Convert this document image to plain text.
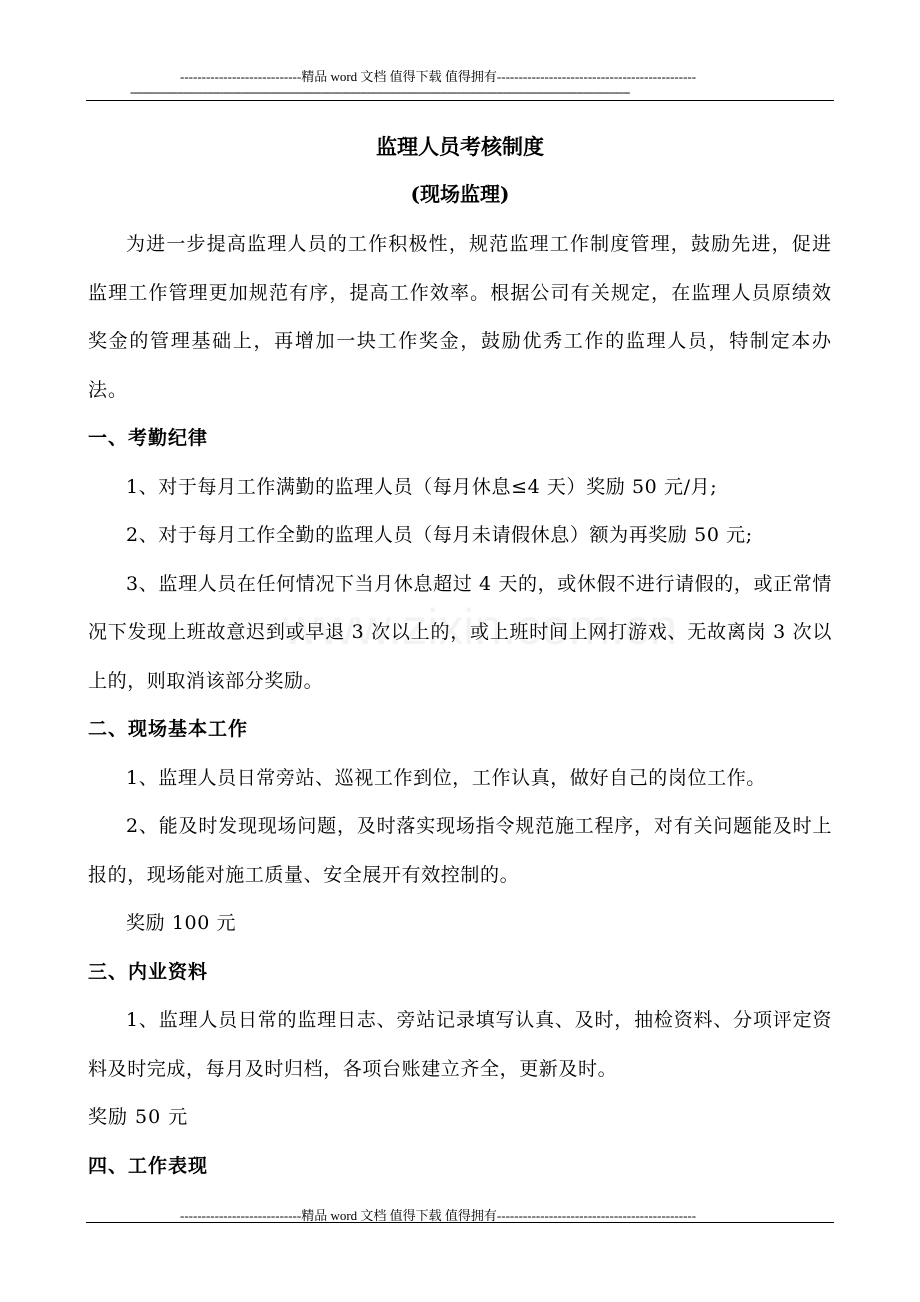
----------------------------精品 word 文档 值得下载 值得拥有----------------------------------------------
------------------------------------------------------------------------------------------------------------------------------------------------------
监理人员考核制度
(现场监理)

为进一步提高监理人员的工作积极性，规范监理工作制度管理，鼓励先进，促进监理工作管理更加规范有序，提高工作效率。根据公司有关规定，在监理人员原绩效奖金的管理基础上，再增加一块工作奖金，鼓励优秀工作的监理人员，特制定本办法。

一、考勤纪律

1、对于每月工作满勤的监理人员（每月休息≤4 天）奖励 50 元/月;

2、对于每月工作全勤的监理人员（每月未请假休息）额为再奖励 50 元;

3、监理人员在任何情况下当月休息超过 4 天的，或休假不进行请假的，或正常情况下发现上班故意迟到或早退 3 次以上的，或上班时间上网打游戏、无故离岗 3 次以上的，则取消该部分奖励。

二、现场基本工作

1、监理人员日常旁站、巡视工作到位，工作认真，做好自己的岗位工作。

2、能及时发现现场问题，及时落实现场指令规范施工程序，对有关问题能及时上报的，现场能对施工质量、安全展开有效控制的。

奖励 100 元

三、内业资料

1、监理人员日常的监理日志、旁站记录填写认真、及时，抽检资料、分项评定资料及时完成，每月及时归档，各项台账建立齐全，更新及时。

奖励 50 元

四、工作表现

----------------------------精品 word 文档 值得下载 值得拥有----------------------------------------------
